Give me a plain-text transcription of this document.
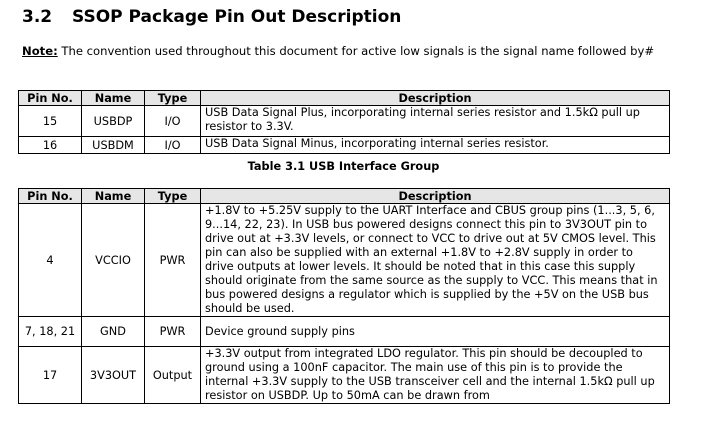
3.2 SSOP Package Pin Out Description
Note: The convention used throughout this document for active low signals is the signal name followed by#
Pin No.	Name	Type	Description
15	USBDP	I/O	USB Data Signal Plus, incorporating internal series resistor and 1.5kΩ pull up resistor to 3.3V.
16	USBDM	I/O	USB Data Signal Minus, incorporating internal series resistor.
Table 3.1 USB Interface Group
Pin No.	Name	Type	Description
4	VCCIO	PWR	+1.8V to +5.25V supply to the UART Interface and CBUS group pins (1...3, 5, 6, 9...14, 22, 23). In USB bus powered designs connect this pin to 3V3OUT pin to drive out at +3.3V levels, or connect to VCC to drive out at 5V CMOS level. This pin can also be supplied with an external +1.8V to +2.8V supply in order to drive outputs at lower levels. It should be noted that in this case this supply should originate from the same source as the supply to VCC. This means that in bus powered designs a regulator which is supplied by the +5V on the USB bus should be used.
7, 18, 21	GND	PWR	Device ground supply pins
17	3V3OUT	Output	+3.3V output from integrated LDO regulator. This pin should be decoupled to ground using a 100nF capacitor. The main use of this pin is to provide the internal +3.3V supply to the USB transceiver cell and the internal 1.5kΩ pull up resistor on USBDP. Up to 50mA can be drawn from
